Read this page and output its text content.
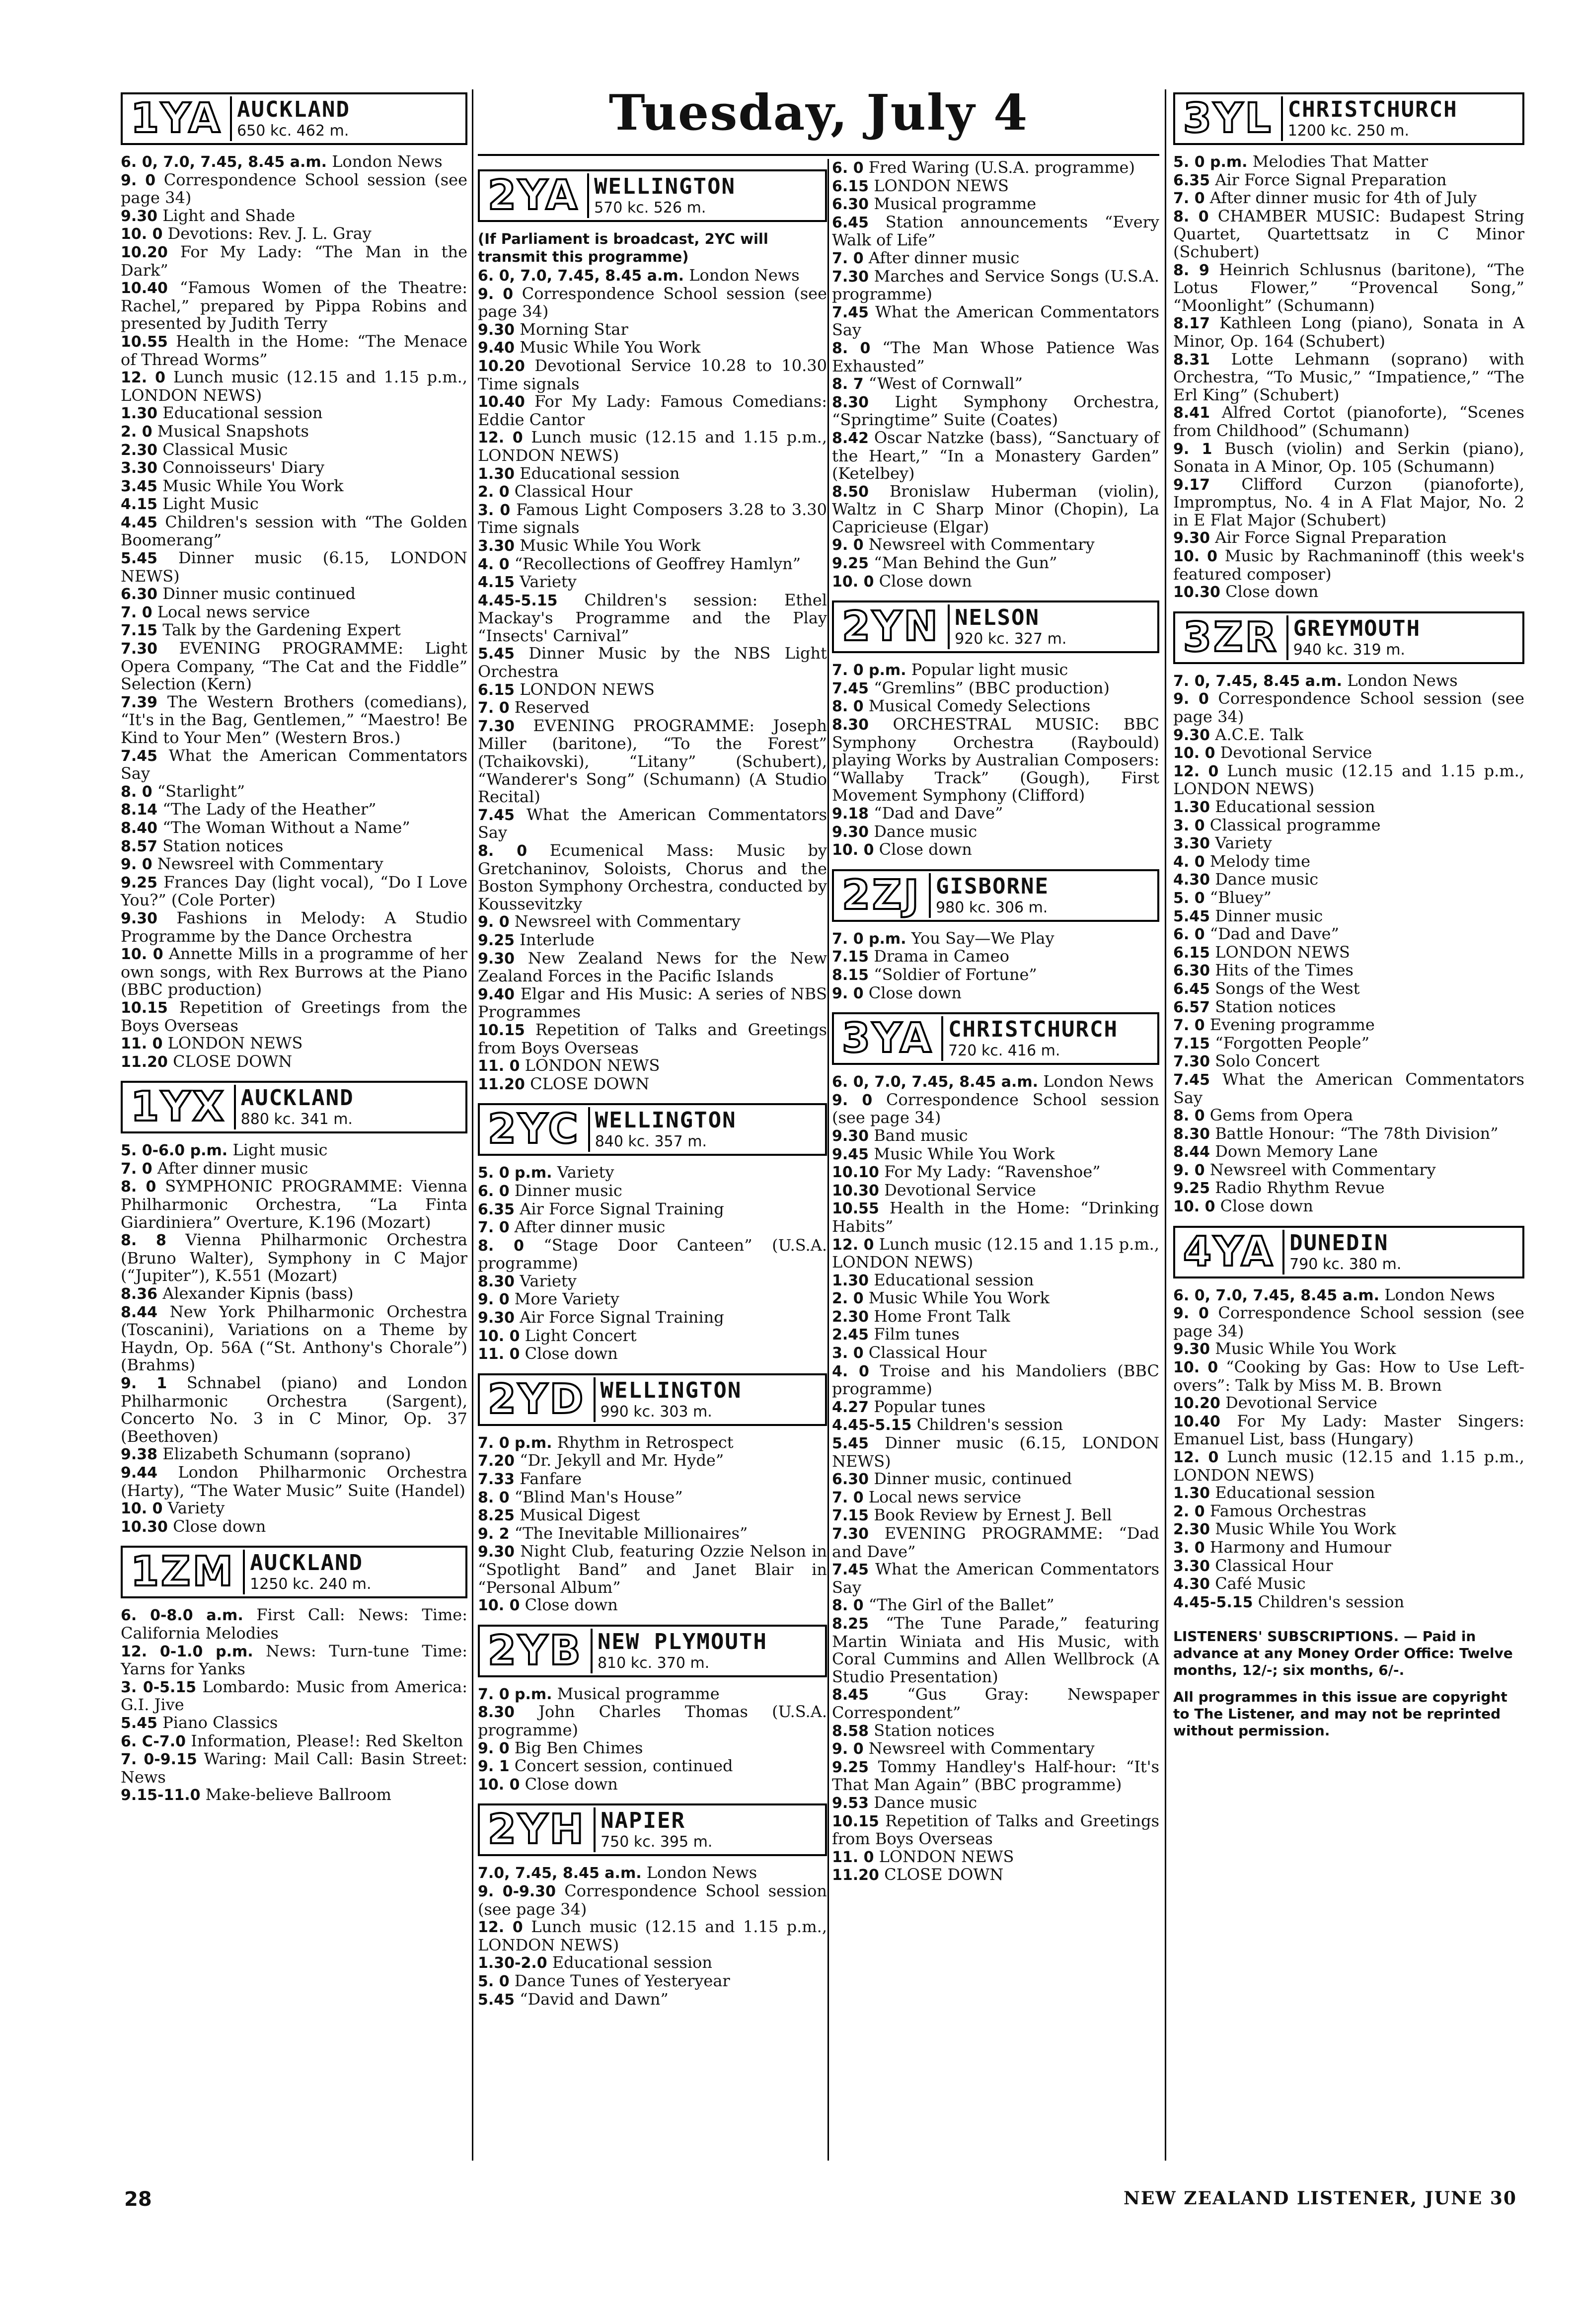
Tuesday, July 4
1YA AUCKLAND
650 kc. 462 m.
6. 0, 7.0, 7.45, 8.45 a.m. London News
9. 0 Correspondence School session (see page 34)
9.30 Light and Shade
10. 0 Devotions: Rev. J. L. Gray
10.20 For My Lady: “The Man in the Dark”
10.40 “Famous Women of the Theatre: Rachel,” prepared by Pippa Robins and presented by Judith Terry
10.55 Health in the Home: “The Menace of Thread Worms”
12. 0 Lunch music (12.15 and 1.15 p.m., LONDON NEWS)
1.30 Educational session
2. 0 Musical Snapshots
2.30 Classical Music
3.30 Connoisseurs' Diary
3.45 Music While You Work
4.15 Light Music
4.45 Children's session with “The Golden Boomerang”
5.45 Dinner music (6.15, LONDON NEWS)
6.30 Dinner music continued
7. 0 Local news service
7.15 Talk by the Gardening Expert
7.30 EVENING PROGRAMME: Light Opera Company, “The Cat and the Fiddle” Selection (Kern)
7.39 The Western Brothers (comedians), “It's in the Bag, Gentlemen,” “Maestro! Be Kind to Your Men” (Western Bros.)
7.45 What the American Commentators Say
8. 0 “Starlight”
8.14 “The Lady of the Heather”
8.40 “The Woman Without a Name”
8.57 Station notices
9. 0 Newsreel with Commentary
9.25 Frances Day (light vocal), “Do I Love You?” (Cole Porter)
9.30 Fashions in Melody: A Studio Programme by the Dance Orchestra
10. 0 Annette Mills in a programme of her own songs, with Rex Burrows at the Piano (BBC production)
10.15 Repetition of Greetings from the Boys Overseas
11. 0 LONDON NEWS
11.20 CLOSE DOWN
1YX AUCKLAND
880 kc. 341 m.
5. 0-6.0 p.m. Light music
7. 0 After dinner music
8. 0 SYMPHONIC PROGRAMME: Vienna Philharmonic Orchestra, “La Finta Giardiniera” Overture, K.196 (Mozart)
8. 8 Vienna Philharmonic Orchestra (Bruno Walter), Symphony in C Major (“Jupiter”), K.551 (Mozart)
8.36 Alexander Kipnis (bass)
8.44 New York Philharmonic Orchestra (Toscanini), Variations on a Theme by Haydn, Op. 56A (“St. Anthony's Chorale”) (Brahms)
9. 1 Schnabel (piano) and London Philharmonic Orchestra (Sargent), Concerto No. 3 in C Minor, Op. 37 (Beethoven)
9.38 Elizabeth Schumann (soprano)
9.44 London Philharmonic Orchestra (Harty), “The Water Music” Suite (Handel)
10. 0 Variety
10.30 Close down
1ZM AUCKLAND
1250 kc. 240 m.
6. 0-8.0 a.m. First Call: News: Time: California Melodies
12. 0-1.0 p.m. News: Turn-tune Time: Yarns for Yanks
3. 0-5.15 Lombardo: Music from America: G.I. Jive
5.45 Piano Classics
6. C-7.0 Information, Please!: Red Skelton
7. 0-9.15 Waring: Mail Call: Basin Street: News
9.15-11.0 Make-believe Ballroom
2YA WELLINGTON
570 kc. 526 m.
(If Parliament is broadcast, 2YC will transmit this programme)
6. 0, 7.0, 7.45, 8.45 a.m. London News
9. 0 Correspondence School session (see page 34)
9.30 Morning Star
9.40 Music While You Work
10.20 Devotional Service 10.28 to 10.30 Time signals
10.40 For My Lady: Famous Comedians: Eddie Cantor
12. 0 Lunch music (12.15 and 1.15 p.m., LONDON NEWS)
1.30 Educational session
2. 0 Classical Hour
3. 0 Famous Light Composers 3.28 to 3.30 Time signals
3.30 Music While You Work
4. 0 “Recollections of Geoffrey Hamlyn”
4.15 Variety
4.45-5.15 Children's session: Ethel Mackay's Programme and the Play “Insects' Carnival”
5.45 Dinner Music by the NBS Light Orchestra
6.15 LONDON NEWS
7. 0 Reserved
7.30 EVENING PROGRAMME: Joseph Miller (baritone), “To the Forest” (Tchaikovski), “Litany” (Schubert), “Wanderer's Song” (Schumann) (A Studio Recital)
7.45 What the American Commentators Say
8. 0 Ecumenical Mass: Music by Gretchaninov, Soloists, Chorus and the Boston Symphony Orchestra, conducted by Koussevitzky
9. 0 Newsreel with Commentary
9.25 Interlude
9.30 New Zealand News for the New Zealand Forces in the Pacific Islands
9.40 Elgar and His Music: A series of NBS Programmes
10.15 Repetition of Talks and Greetings from Boys Overseas
11. 0 LONDON NEWS
11.20 CLOSE DOWN
2YC WELLINGTON
840 kc. 357 m.
5. 0 p.m. Variety
6. 0 Dinner music
6.35 Air Force Signal Training
7. 0 After dinner music
8. 0 “Stage Door Canteen” (U.S.A. programme)
8.30 Variety
9. 0 More Variety
9.30 Air Force Signal Training
10. 0 Light Concert
11. 0 Close down
2YD WELLINGTON
990 kc. 303 m.
7. 0 p.m. Rhythm in Retrospect
7.20 “Dr. Jekyll and Mr. Hyde”
7.33 Fanfare
8. 0 “Blind Man's House”
8.25 Musical Digest
9. 2 “The Inevitable Millionaires”
9.30 Night Club, featuring Ozzie Nelson in “Spotlight Band” and Janet Blair in “Personal Album”
10. 0 Close down
2YB NEW PLYMOUTH
810 kc. 370 m.
7. 0 p.m. Musical programme
8.30 John Charles Thomas (U.S.A. programme)
9. 0 Big Ben Chimes
9. 1 Concert session, continued
10. 0 Close down
2YH NAPIER
750 kc. 395 m.
7.0, 7.45, 8.45 a.m. London News
9. 0-9.30 Correspondence School session (see page 34)
12. 0 Lunch music (12.15 and 1.15 p.m., LONDON NEWS)
1.30-2.0 Educational session
5. 0 Dance Tunes of Yesteryear
5.45 “David and Dawn”
6. 0 Fred Waring (U.S.A. programme)
6.15 LONDON NEWS
6.30 Musical programme
6.45 Station announcements “Every Walk of Life”
7. 0 After dinner music
7.30 Marches and Service Songs (U.S.A. programme)
7.45 What the American Commentators Say
8. 0 “The Man Whose Patience Was Exhausted”
8. 7 “West of Cornwall”
8.30 Light Symphony Orchestra, “Springtime” Suite (Coates)
8.42 Oscar Natzke (bass), “Sanctuary of the Heart,” “In a Monastery Garden” (Ketelbey)
8.50 Bronislaw Huberman (violin), Waltz in C Sharp Minor (Chopin), La Capricieuse (Elgar)
9. 0 Newsreel with Commentary
9.25 “Man Behind the Gun”
10. 0 Close down
2YN NELSON
920 kc. 327 m.
7. 0 p.m. Popular light music
7.45 “Gremlins” (BBC production)
8. 0 Musical Comedy Selections
8.30 ORCHESTRAL MUSIC: BBC Symphony Orchestra (Raybould) playing Works by Australian Composers: “Wallaby Track” (Gough), First Movement Symphony (Clifford)
9.18 “Dad and Dave”
9.30 Dance music
10. 0 Close down
2ZJ GISBORNE
980 kc. 306 m.
7. 0 p.m. You Say—We Play
7.15 Drama in Cameo
8.15 “Soldier of Fortune”
9. 0 Close down
3YA CHRISTCHURCH
720 kc. 416 m.
6. 0, 7.0, 7.45, 8.45 a.m. London News
9. 0 Correspondence School session (see page 34)
9.30 Band music
9.45 Music While You Work
10.10 For My Lady: “Ravenshoe”
10.30 Devotional Service
10.55 Health in the Home: “Drinking Habits”
12. 0 Lunch music (12.15 and 1.15 p.m., LONDON NEWS)
1.30 Educational session
2. 0 Music While You Work
2.30 Home Front Talk
2.45 Film tunes
3. 0 Classical Hour
4. 0 Troise and his Mandoliers (BBC programme)
4.27 Popular tunes
4.45-5.15 Children's session
5.45 Dinner music (6.15, LONDON NEWS)
6.30 Dinner music, continued
7. 0 Local news service
7.15 Book Review by Ernest J. Bell
7.30 EVENING PROGRAMME: “Dad and Dave”
7.45 What the American Commentators Say
8. 0 “The Girl of the Ballet”
8.25 “The Tune Parade,” featuring Martin Winiata and His Music, with Coral Cummins and Allen Wellbrock (A Studio Presentation)
8.45 “Gus Gray: Newspaper Correspondent”
8.58 Station notices
9. 0 Newsreel with Commentary
9.25 Tommy Handley's Half-hour: “It's That Man Again” (BBC programme)
9.53 Dance music
10.15 Repetition of Talks and Greetings from Boys Overseas
11. 0 LONDON NEWS
11.20 CLOSE DOWN
3YL CHRISTCHURCH
1200 kc. 250 m.
5. 0 p.m. Melodies That Matter
6.35 Air Force Signal Preparation
7. 0 After dinner music for 4th of July
8. 0 CHAMBER MUSIC: Budapest String Quartet, Quartettsatz in C Minor (Schubert)
8. 9 Heinrich Schlusnus (baritone), “The Lotus Flower,” “Provencal Song,” “Moonlight” (Schumann)
8.17 Kathleen Long (piano), Sonata in A Minor, Op. 164 (Schubert)
8.31 Lotte Lehmann (soprano) with Orchestra, “To Music,” “Impatience,” “The Erl King” (Schubert)
8.41 Alfred Cortot (pianoforte), “Scenes from Childhood” (Schumann)
9. 1 Busch (violin) and Serkin (piano), Sonata in A Minor, Op. 105 (Schumann)
9.17 Clifford Curzon (pianoforte), Impromptus, No. 4 in A Flat Major, No. 2 in E Flat Major (Schubert)
9.30 Air Force Signal Preparation
10. 0 Music by Rachmaninoff (this week's featured composer)
10.30 Close down
3ZR GREYMOUTH
940 kc. 319 m.
7. 0, 7.45, 8.45 a.m. London News
9. 0 Correspondence School session (see page 34)
9.30 A.C.E. Talk
10. 0 Devotional Service
12. 0 Lunch music (12.15 and 1.15 p.m., LONDON NEWS)
1.30 Educational session
3. 0 Classical programme
3.30 Variety
4. 0 Melody time
4.30 Dance music
5. 0 “Bluey”
5.45 Dinner music
6. 0 “Dad and Dave”
6.15 LONDON NEWS
6.30 Hits of the Times
6.45 Songs of the West
6.57 Station notices
7. 0 Evening programme
7.15 “Forgotten People”
7.30 Solo Concert
7.45 What the American Commentators Say
8. 0 Gems from Opera
8.30 Battle Honour: “The 78th Division”
8.44 Down Memory Lane
9. 0 Newsreel with Commentary
9.25 Radio Rhythm Revue
10. 0 Close down
4YA DUNEDIN
790 kc. 380 m.
6. 0, 7.0, 7.45, 8.45 a.m. London News
9. 0 Correspondence School session (see page 34)
9.30 Music While You Work
10. 0 “Cooking by Gas: How to Use Left-overs”: Talk by Miss M. B. Brown
10.20 Devotional Service
10.40 For My Lady: Master Singers: Emanuel List, bass (Hungary)
12. 0 Lunch music (12.15 and 1.15 p.m., LONDON NEWS)
1.30 Educational session
2. 0 Famous Orchestras
2.30 Music While You Work
3. 0 Harmony and Humour
3.30 Classical Hour
4.30 Café Music
4.45-5.15 Children's session
LISTENERS' SUBSCRIPTIONS. — Paid in advance at any Money Order Office: Twelve months, 12/-; six months, 6/-.
All programmes in this issue are copyright to The Listener, and may not be reprinted without permission.
28	NEW ZEALAND LISTENER, JUNE 30
